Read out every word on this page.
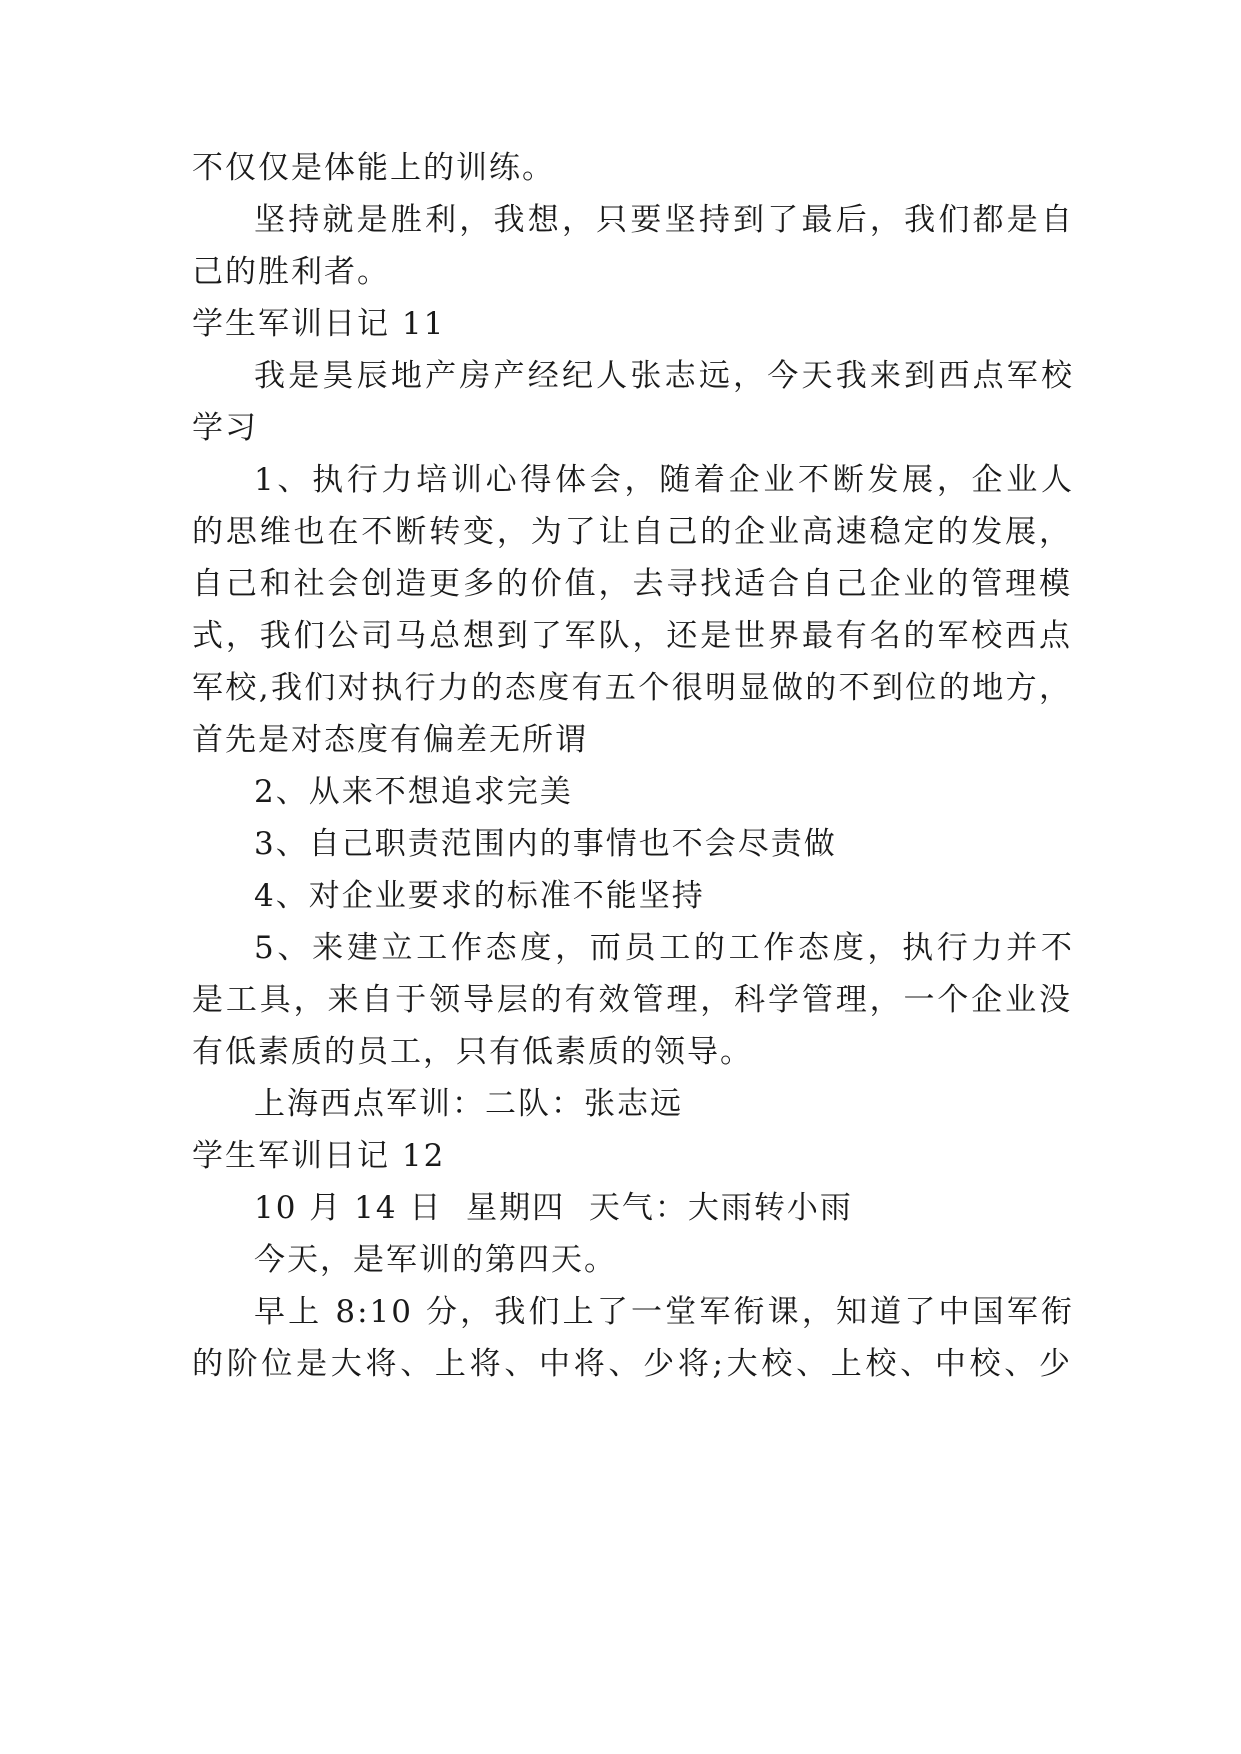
不仅仅是体能上的训练。
坚持就是胜利，我想，只要坚持到了最后，我们都是自
己的胜利者。
学生军训日记 11
我是昊辰地产房产经纪人张志远，今天我来到西点军校
学习
1、执行力培训心得体会，随着企业不断发展，企业人
的思维也在不断转变，为了让自己的企业高速稳定的发展，
自己和社会创造更多的价值，去寻找适合自己企业的管理模
式，我们公司马总想到了军队，还是世界最有名的军校西点
军校,我们对执行力的态度有五个很明显做的不到位的地方，
首先是对态度有偏差无所谓
2、从来不想追求完美
3、自己职责范围内的事情也不会尽责做
4、对企业要求的标准不能坚持
5、来建立工作态度，而员工的工作态度，执行力并不
是工具，来自于领导层的有效管理，科学管理，一个企业没
有低素质的员工，只有低素质的领导。
上海西点军训：二队：张志远
学生军训日记 12
10 月 14 日  星期四  天气：大雨转小雨
今天，是军训的第四天。
早上 8:10 分，我们上了一堂军衔课，知道了中国军衔
的阶位是大将、上将、中将、少将;大校、上校、中校、少
